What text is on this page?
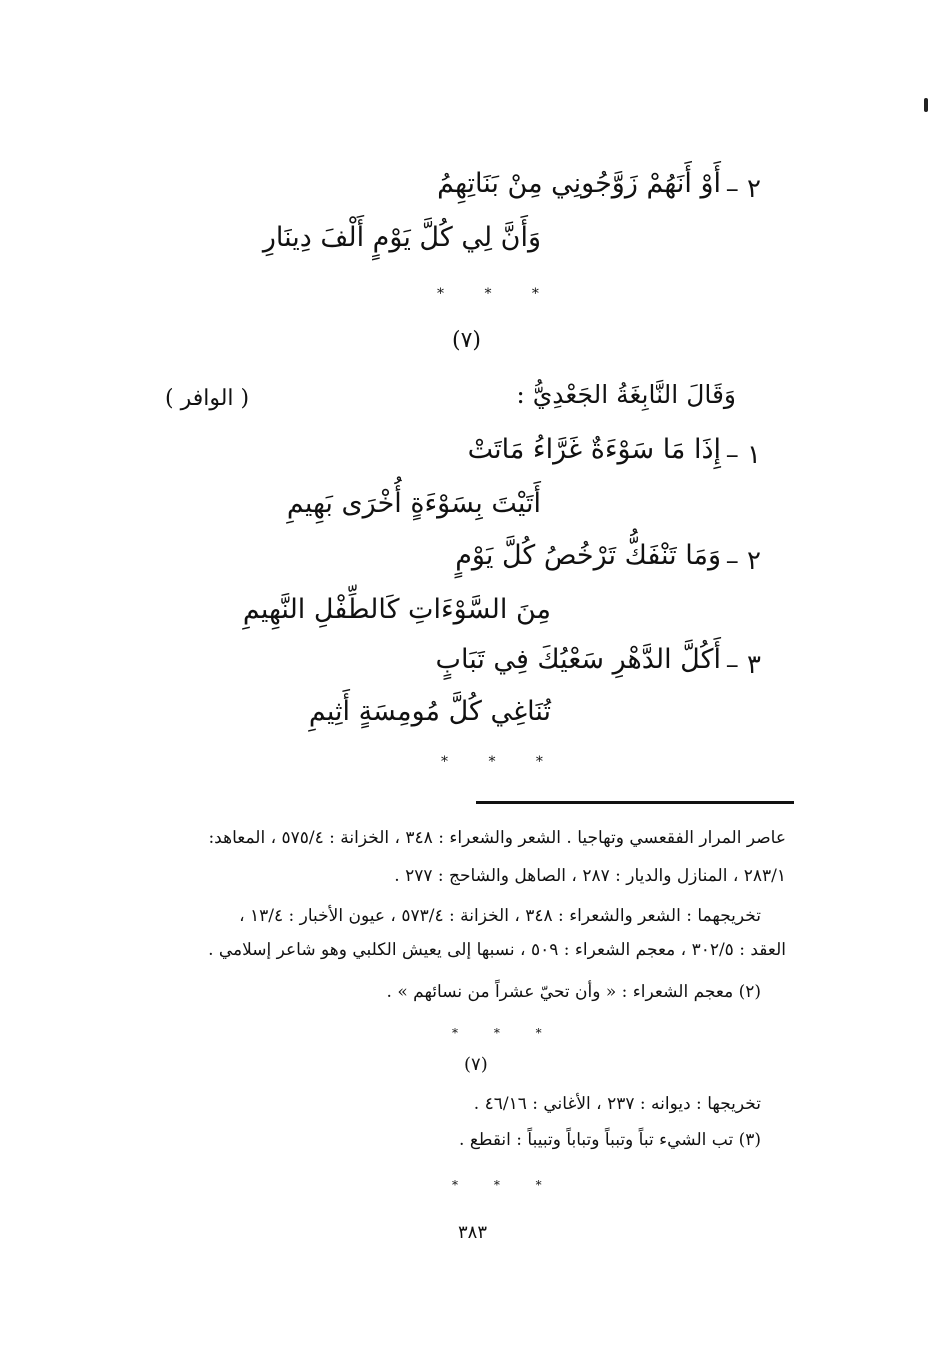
٢ –
أَوْ أَنَهُمْ زَوَّجُونِي مِنْ بَنَاتِهِمُ
وَأَنَّ لِي كُلَّ يَوْمٍ أَلْفَ دِينَارِ
* * *
(٧)
وَقَالَ النَّابِغَةُ الجَعْدِيُّ :
( الوافر )
١ –
إِذَا مَا سَوْءَةٌ غَرَّاءُ مَاتَتْ
أَتَيْتَ بِسَوْءَةٍ أُخْرَى بَهِيمِ
٢ –
وَمَا تَنْفَكُّ تَرْخُصُ كُلَّ يَوْمٍ
مِنَ السَّوْءَاتِ كَالطِّفْلِ النَّهِيمِ
٣ –
أَكُلَّ الدَّهْرِ سَعْيُكَ فِي تَبَابٍ
تُنَاغِي كُلَّ مُومِسَةٍ أَثِيمِ
* * *
عاصر المرار الفقعسي وتهاجيا . الشعر والشعراء : ٣٤٨ ، الخزانة : ٥٧٥/٤ ، المعاهد:
٢٨٣/١ ، المنازل والديار : ٢٨٧ ، الصاهل والشاحج : ٢٧٧ .
تخريجهما : الشعر والشعراء : ٣٤٨ ، الخزانة : ٥٧٣/٤ ، عيون الأخبار : ١٣/٤ ،
العقد : ٣٠٢/٥ ، معجم الشعراء : ٥٠٩ ، نسبها إلى يعيش الكلبي وهو شاعر إسلامي .
(٢) معجم الشعراء : « وأن تحيّ عشراً من نسائهم » .
* * *
(٧)
تخريجها : ديوانه : ٢٣٧ ، الأغاني : ٤٦/١٦ .
(٣) تب الشيء تباً وتبباً وتباباً وتبيباً : انقطع .
* * *
٣٨٣
